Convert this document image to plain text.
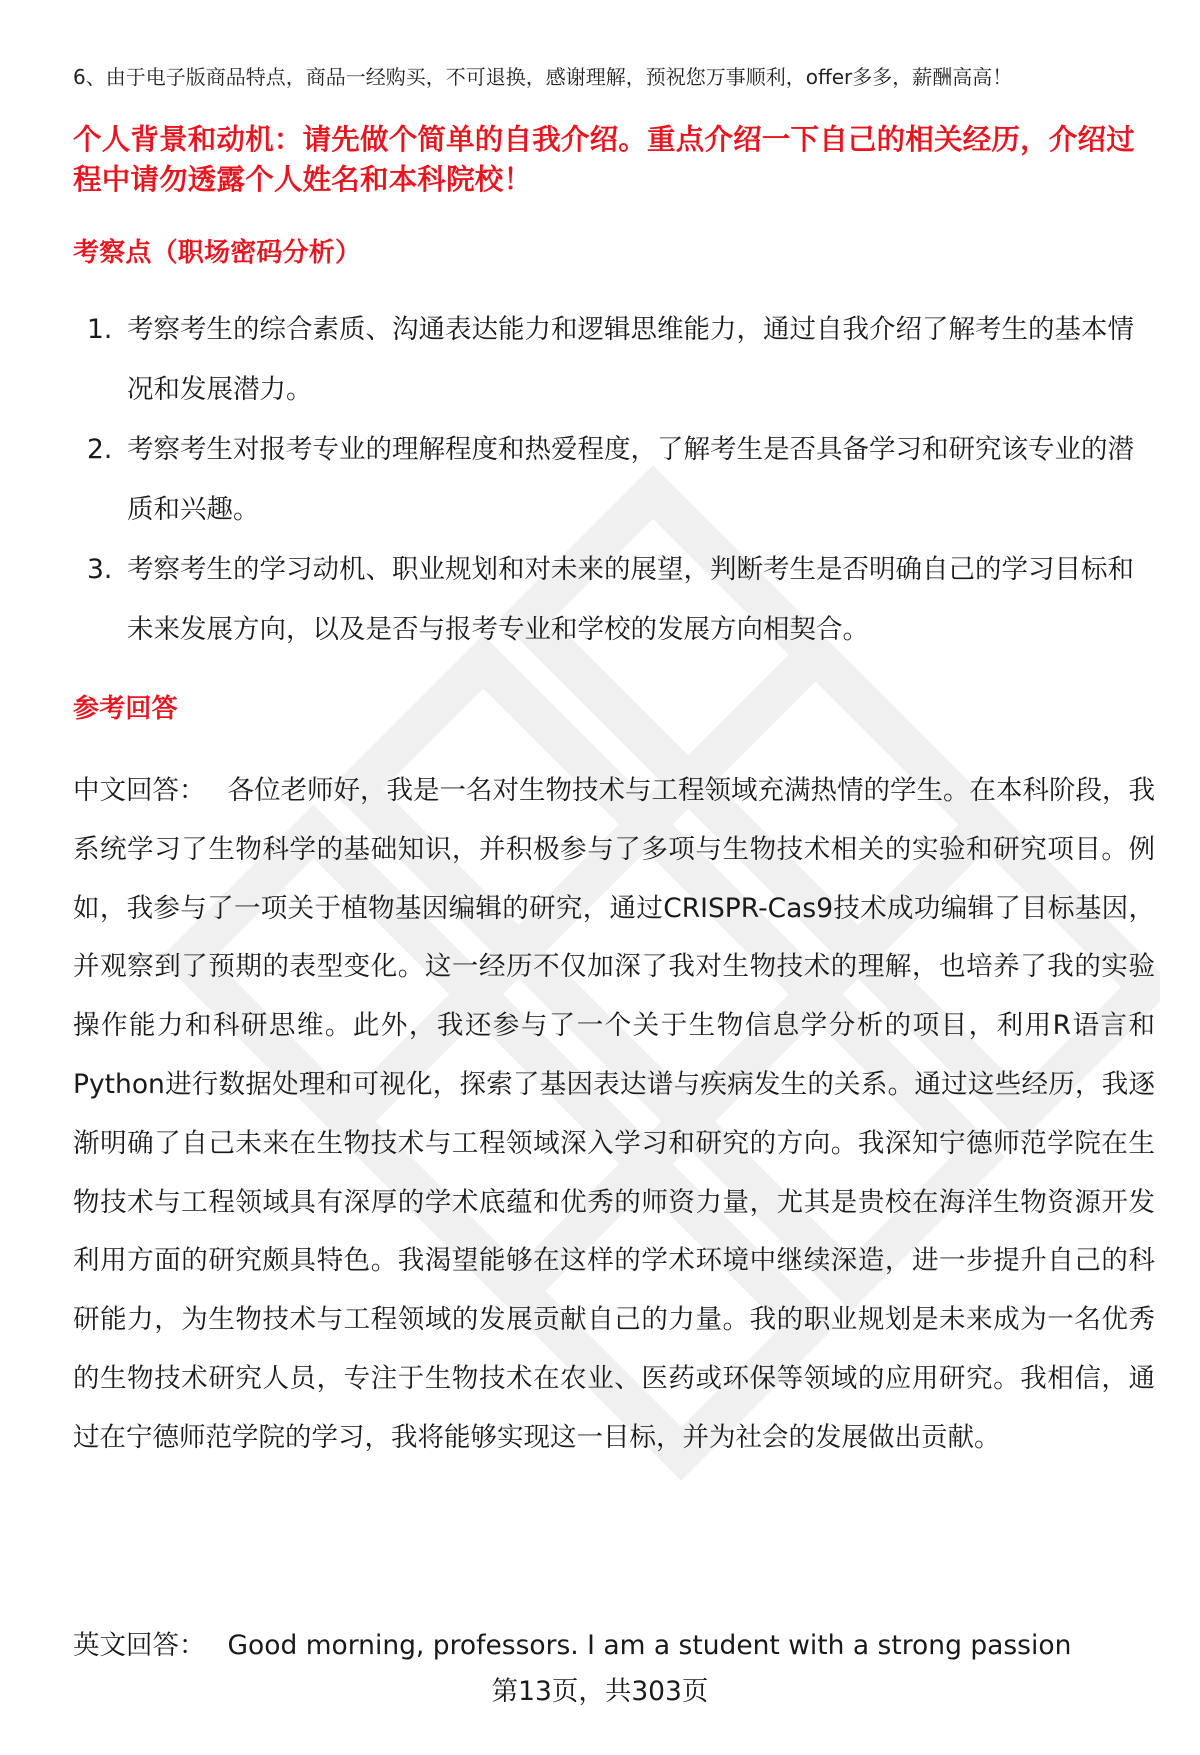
6、由于电子版商品特点，商品一经购买，不可退换，感谢理解，预祝您万事顺利，offer多多，薪酬高高！
个人背景和动机：请先做个简单的自我介绍。重点介绍一下自己的相关经历，介绍过程中请勿透露个人姓名和本科院校！
考察点（职场密码分析）
1. 考察考生的综合素质、沟通表达能力和逻辑思维能力，通过自我介绍了解考生的基本情况和发展潜力。
2. 考察考生对报考专业的理解程度和热爱程度，了解考生是否具备学习和研究该专业的潜质和兴趣。
3. 考察考生的学习动机、职业规划和对未来的展望，判断考生是否明确自己的学习目标和未来发展方向，以及是否与报考专业和学校的发展方向相契合。
参考回答
中文回答： 各位老师好，我是一名对生物技术与工程领域充满热情的学生。在本科阶段，我系统学习了生物科学的基础知识，并积极参与了多项与生物技术相关的实验和研究项目。例如，我参与了一项关于植物基因编辑的研究，通过CRISPR-Cas9技术成功编辑了目标基因，并观察到了预期的表型变化。这一经历不仅加深了我对生物技术的理解，也培养了我的实验操作能力和科研思维。此外，我还参与了一个关于生物信息学分析的项目，利用R语言和Python进行数据处理和可视化，探索了基因表达谱与疾病发生的关系。通过这些经历，我逐渐明确了自己未来在生物技术与工程领域深入学习和研究的方向。我深知宁德师范学院在生物技术与工程领域具有深厚的学术底蕴和优秀的师资力量，尤其是贵校在海洋生物资源开发利用方面的研究颇具特色。我渴望能够在这样的学术环境中继续深造，进一步提升自己的科研能力，为生物技术与工程领域的发展贡献自己的力量。我的职业规划是未来成为一名优秀的生物技术研究人员，专注于生物技术在农业、医药或环保等领域的应用研究。我相信，通过在宁德师范学院的学习，我将能够实现这一目标，并为社会的发展做出贡献。
英文回答： Good morning, professors. I am a student with a strong passion
第13页，共303页
